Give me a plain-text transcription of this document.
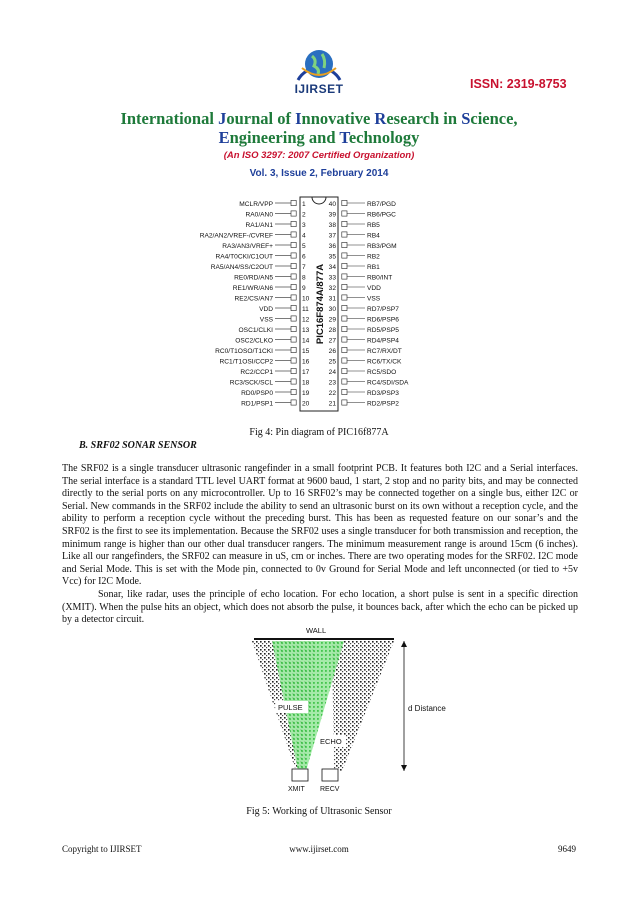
IJIRSET	ISSN: 2319-8753
International Journal of Innovative Research in Science,
Engineering and Technology
(An ISO 3297: 2007 Certified Organization)
Vol. 3, Issue 2, February 2014
PIC16F874A/877A
MCLR/VPP	1
RA0/AN0	2
RA1/AN1	3
RA2/AN2/VREF-/CVREF	4
RA3/AN3/VREF+	5
RA4/T0CKI/C1OUT	6
RA5/AN4/SS/C2OUT	7
RE0/RD/AN5	8
RE1/WR/AN6	9
RE2/CS/AN7	10
VDD	11
VSS	12
OSC1/CLKI	13
OSC2/CLKO	14
RC0/T1OSO/T1CKI	15
RC1/T1OSI/CCP2	16
RC2/CCP1	17
RC3/SCK/SCL	18
RD0/PSP0	19
RD1/PSP1	20
40	RB7/PGD
39	RB6/PGC
38	RB5
37	RB4
36	RB3/PGM
35	RB2
34	RB1
33	RB0/INT
32	VDD
31	VSS
30	RD7/PSP7
29	RD6/PSP6
28	RD5/PSP5
27	RD4/PSP4
26	RC7/RX/DT
25	RC6/TX/CK
24	RC5/SDO
23	RC4/SDI/SDA
22	RD3/PSP3
21	RD2/PSP2
Fig 4: Pin diagram of PIC16f877A
B. SRF02 SONAR SENSOR

The SRF02 is a single transducer ultrasonic rangefinder in a small footprint PCB. It features both I2C and a Serial interfaces. The serial interface is a standard TTL level UART format at 9600 baud, 1 start, 2 stop and no parity bits, and may be connected directly to the serial ports on any microcontroller. Up to 16 SRF02’s may be connected together on a single bus, either I2C or Serial. New commands in the SRF02 include the ability to send an ultrasonic burst on its own without a reception cycle, and the ability to perform a reception cycle without the preceding burst. This has been as requested feature on our sonar’s and the SRF02 is the first to see its implementation. Because the SRF02 uses a single transducer for both transmission and reception, the minimum range is higher than our other dual transducer rangers. The minimum measurement range is around 15cm (6 inches). Like all our rangefinders, the SRF02 can measure in uS, cm or inches. There are two operating modes for the SRF02. I2C mode and Serial Mode. This is set with the Mode pin, connected to 0v Ground for Serial Mode and left unconnected (or tied to +5v Vcc) for I2C Mode.

Sonar, like radar, uses the principle of echo location. For echo location, a short pulse is sent in a specific direction (XMIT). When the pulse hits an object, which does not absorb the pulse, it bounces back, after which the echo can be picked up by a detector circuit.

WALL
PULSE
ECHO
XMIT RECV
d Distance
Fig 5: Working of Ultrasonic Sensor
Copyright to IJIRSET	www.ijirset.com	9649
